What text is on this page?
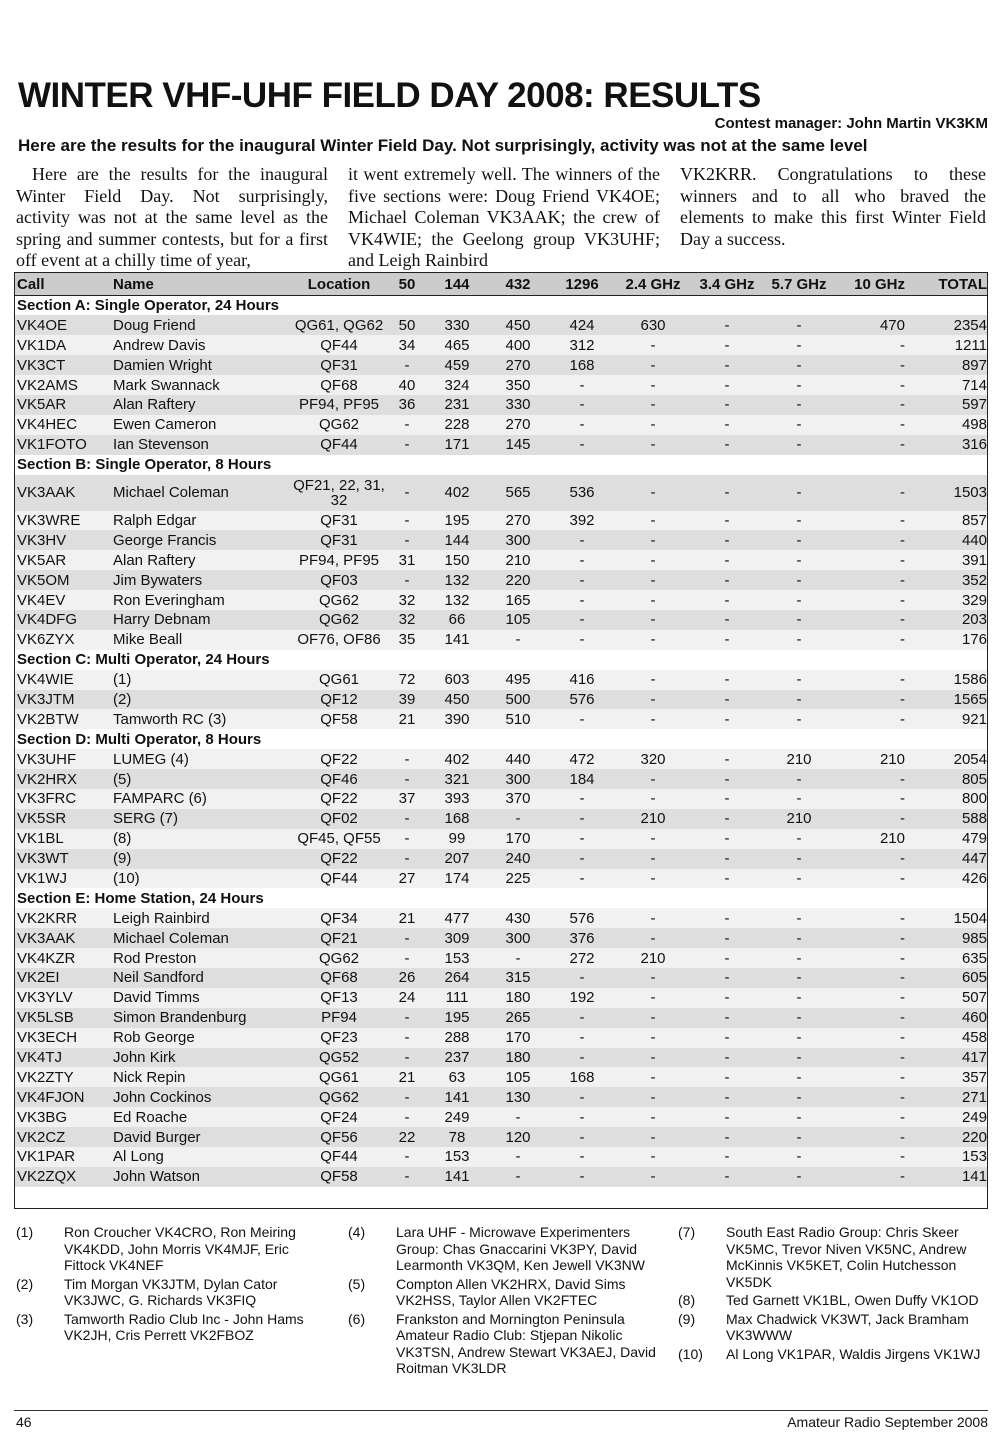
WINTER VHF-UHF FIELD DAY 2008: RESULTS
Contest manager: John Martin VK3KM
Here are the results for the inaugural Winter Field Day. Not surprisingly, activity was not at the same level
Here are the results for the inaugural Winter Field Day. Not surprisingly, activity was not at the same level as the spring and summer contests, but for a first off event at a chilly time of year,
it went extremely well. The winners of the five sections were: Doug Friend VK4OE; Michael Coleman VK3AAK; the crew of VK4WIE; the Geelong group VK3UHF; and Leigh Rainbird
VK2KRR. Congratulations to these winners and to all who braved the elements to make this first Winter Field Day a success.
Call	Name	Location	50	144	432	1296	2.4 GHz	3.4 GHz	5.7 GHz	10 GHz	TOTAL
Section A: Single Operator, 24 Hours											
VK4OE	Doug Friend	QG61, QG62	50	330	450	424	630	-	-	470	2354
VK1DA	Andrew Davis	QF44	34	465	400	312	-	-	-	-	1211
VK3CT	Damien Wright	QF31	-	459	270	168	-	-	-	-	897
VK2AMS	Mark Swannack	QF68	40	324	350	-	-	-	-	-	714
VK5AR	Alan Raftery	PF94, PF95	36	231	330	-	-	-	-	-	597
VK4HEC	Ewen Cameron	QG62	-	228	270	-	-	-	-	-	498
VK1FOTO	Ian Stevenson	QF44	-	171	145	-	-	-	-	-	316
Section B: Single Operator, 8 Hours											
VK3AAK	Michael Coleman	QF21, 22, 31, 32	-	402	565	536	-	-	-	-	1503
VK3WRE	Ralph Edgar	QF31	-	195	270	392	-	-	-	-	857
VK3HV	George Francis	QF31	-	144	300	-	-	-	-	-	440
VK5AR	Alan Raftery	PF94, PF95	31	150	210	-	-	-	-	-	391
VK5OM	Jim Bywaters	QF03	-	132	220	-	-	-	-	-	352
VK4EV	Ron Everingham	QG62	32	132	165	-	-	-	-	-	329
VK4DFG	Harry Debnam	QG62	32	66	105	-	-	-	-	-	203
VK6ZYX	Mike Beall	OF76, OF86	35	141	-	-	-	-	-	-	176
Section C: Multi Operator, 24 Hours											
VK4WIE	(1)	QG61	72	603	495	416	-	-	-	-	1586
VK3JTM	(2)	QF12	39	450	500	576	-	-	-	-	1565
VK2BTW	Tamworth RC (3)	QF58	21	390	510	-	-	-	-	-	921
Section D: Multi Operator, 8 Hours											
VK3UHF	LUMEG (4)	QF22	-	402	440	472	320	-	210	210	2054
VK2HRX	(5)	QF46	-	321	300	184	-	-	-	-	805
VK3FRC	FAMPARC (6)	QF22	37	393	370	-	-	-	-	-	800
VK5SR	SERG (7)	QF02	-	168	-	-	210	-	210	-	588
VK1BL	(8)	QF45, QF55	-	99	170	-	-	-	-	210	479
VK3WT	(9)	QF22	-	207	240	-	-	-	-	-	447
VK1WJ	(10)	QF44	27	174	225	-	-	-	-	-	426
Section E: Home Station, 24 Hours											
VK2KRR	Leigh Rainbird	QF34	21	477	430	576	-	-	-	-	1504
VK3AAK	Michael Coleman	QF21	-	309	300	376	-	-	-	-	985
VK4KZR	Rod Preston	QG62	-	153	-	272	210	-	-	-	635
VK2EI	Neil Sandford	QF68	26	264	315	-	-	-	-	-	605
VK3YLV	David Timms	QF13	24	111	180	192	-	-	-	-	507
VK5LSB	Simon Brandenburg	PF94	-	195	265	-	-	-	-	-	460
VK3ECH	Rob George	QF23	-	288	170	-	-	-	-	-	458
VK4TJ	John Kirk	QG52	-	237	180	-	-	-	-	-	417
VK2ZTY	Nick Repin	QG61	21	63	105	168	-	-	-	-	357
VK4FJON	John Cockinos	QG62	-	141	130	-	-	-	-	-	271
VK3BG	Ed Roache	QF24	-	249	-	-	-	-	-	-	249
VK2CZ	David Burger	QF56	22	78	120	-	-	-	-	-	220
VK1PAR	Al Long	QF44	-	153	-	-	-	-	-	-	153
VK2ZQX	John Watson	QF58	-	141	-	-	-	-	-	-	141
(1) Ron Croucher VK4CRO, Ron Meiring VK4KDD, John Morris VK4MJF, Eric Fittock VK4NEF
(2) Tim Morgan VK3JTM, Dylan Cator VK3JWC, G. Richards VK3FIQ
(3) Tamworth Radio Club Inc - John Hams VK2JH, Cris Perrett VK2FBOZ
(4) Lara UHF - Microwave Experimenters Group: Chas Gnaccarini VK3PY, David Learmonth VK3QM, Ken Jewell VK3NW
(5) Compton Allen VK2HRX, David Sims VK2HSS, Taylor Allen VK2FTEC
(6) Frankston and Mornington Peninsula Amateur Radio Club: Stjepan Nikolic VK3TSN, Andrew Stewart VK3AEJ, David Roitman VK3LDR
(7) South East Radio Group: Chris Skeer VK5MC, Trevor Niven VK5NC, Andrew McKinnis VK5KET, Colin Hutchesson VK5DK
(8) Ted Garnett VK1BL, Owen Duffy VK1OD
(9) Max Chadwick VK3WT, Jack Bramham VK3WWW
(10) Al Long VK1PAR, Waldis Jirgens VK1WJ
46	Amateur Radio September 2008
